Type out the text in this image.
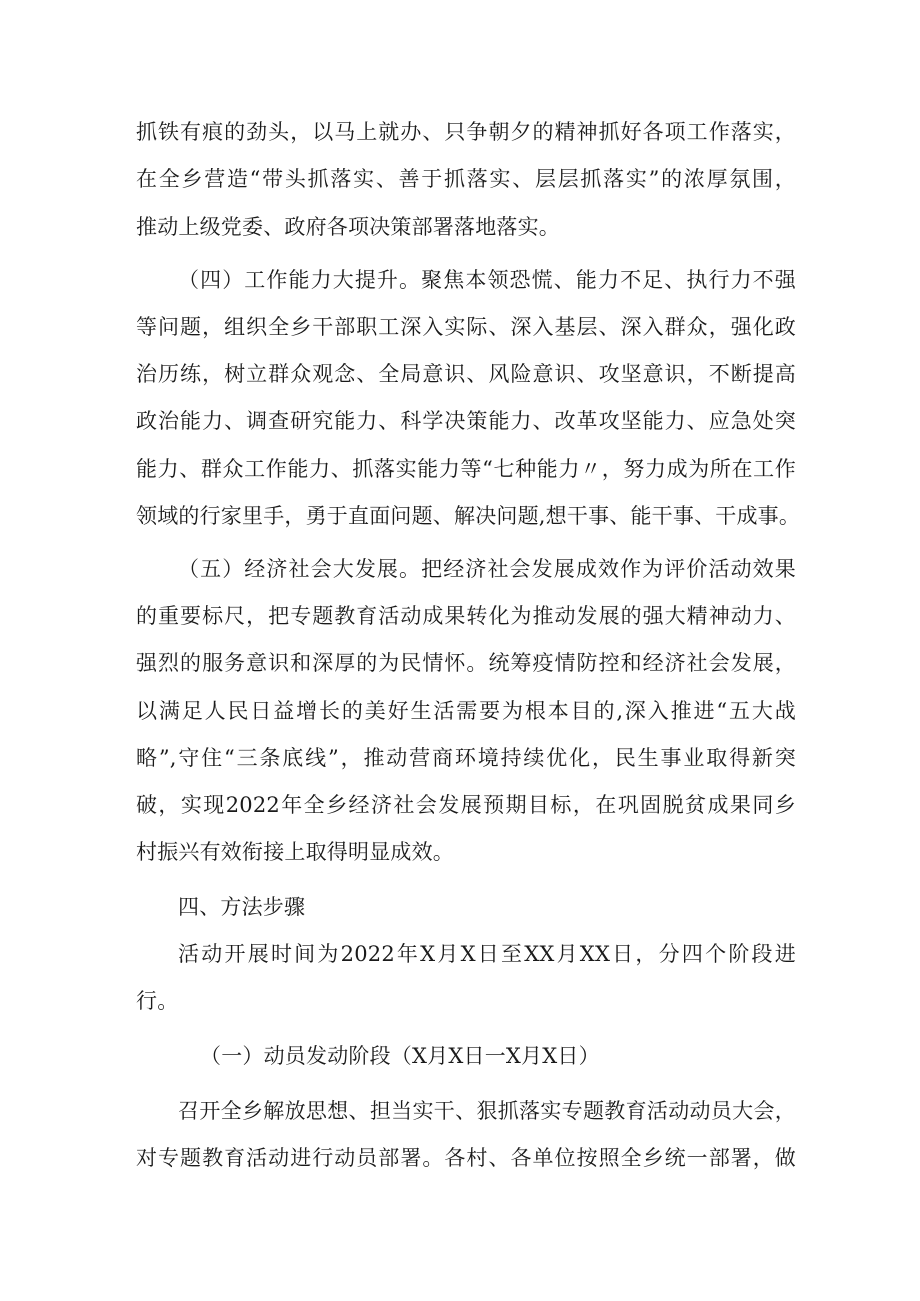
抓铁有痕的劲头，以马上就办、只争朝夕的精神抓好各项工作落实，
在全乡营造“带头抓落实、善于抓落实、层层抓落实”的浓厚氛围，
推动上级党委、政府各项决策部署落地落实。
（四）工作能力大提升。聚焦本领恐慌、能力不足、执行力不强
等问题，组织全乡干部职工深入实际、深入基层、深入群众，强化政
治历练，树立群众观念、全局意识、风险意识、攻坚意识，不断提高
政治能力、调查研究能力、科学决策能力、改革攻坚能力、应急处突
能力、群众工作能力、抓落实能力等“七种能力〃，努力成为所在工作
领域的行家里手，勇于直面问题、解决问题,想干事、能干事、干成事。
（五）经济社会大发展。把经济社会发展成效作为评价活动效果
的重要标尺，把专题教育活动成果转化为推动发展的强大精神动力、
强烈的服务意识和深厚的为民情怀。统筹疫情防控和经济社会发展，
以满足人民日益增长的美好生活需要为根本目的,深入推进“五大战
略”,守住“三条底线”，推动营商环境持续优化，民生事业取得新突
破，实现2022年全乡经济社会发展预期目标，在巩固脱贫成果同乡
村振兴有效衔接上取得明显成效。
四、方法步骤
活动开展时间为2022年X月X日至XX月XX日，分四个阶段进
行。
（一）动员发动阶段（X月X日一X月X日）
召开全乡解放思想、担当实干、狠抓落实专题教育活动动员大会，
对专题教育活动进行动员部署。各村、各单位按照全乡统一部署，做
